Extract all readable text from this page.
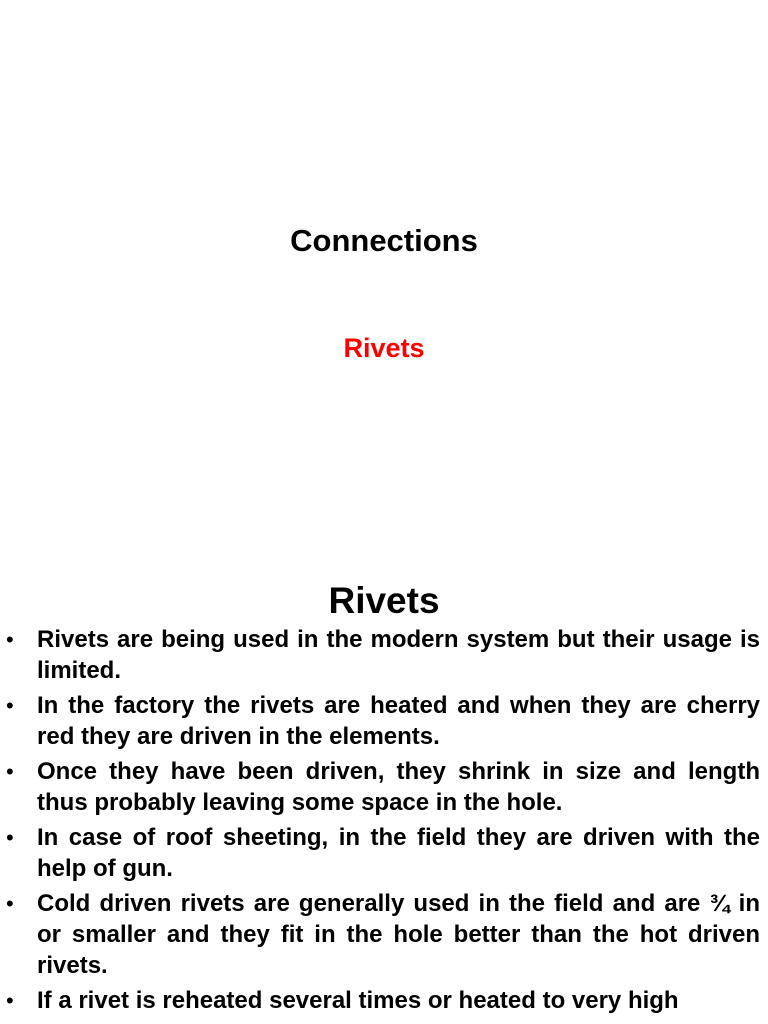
Connections
Rivets
Rivets
• Rivets are being used in the modern system but their usage is limited.
• In the factory the rivets are heated and when they are cherry red they are driven in the elements.
• Once they have been driven, they shrink in size and length thus probably leaving some space in the hole.
• In case of roof sheeting, in the field they are driven with the help of gun.
• Cold driven rivets are generally used in the field and are ¾ in or smaller and they fit in the hole better than the hot driven rivets.
• If a rivet is reheated several times or heated to very high
